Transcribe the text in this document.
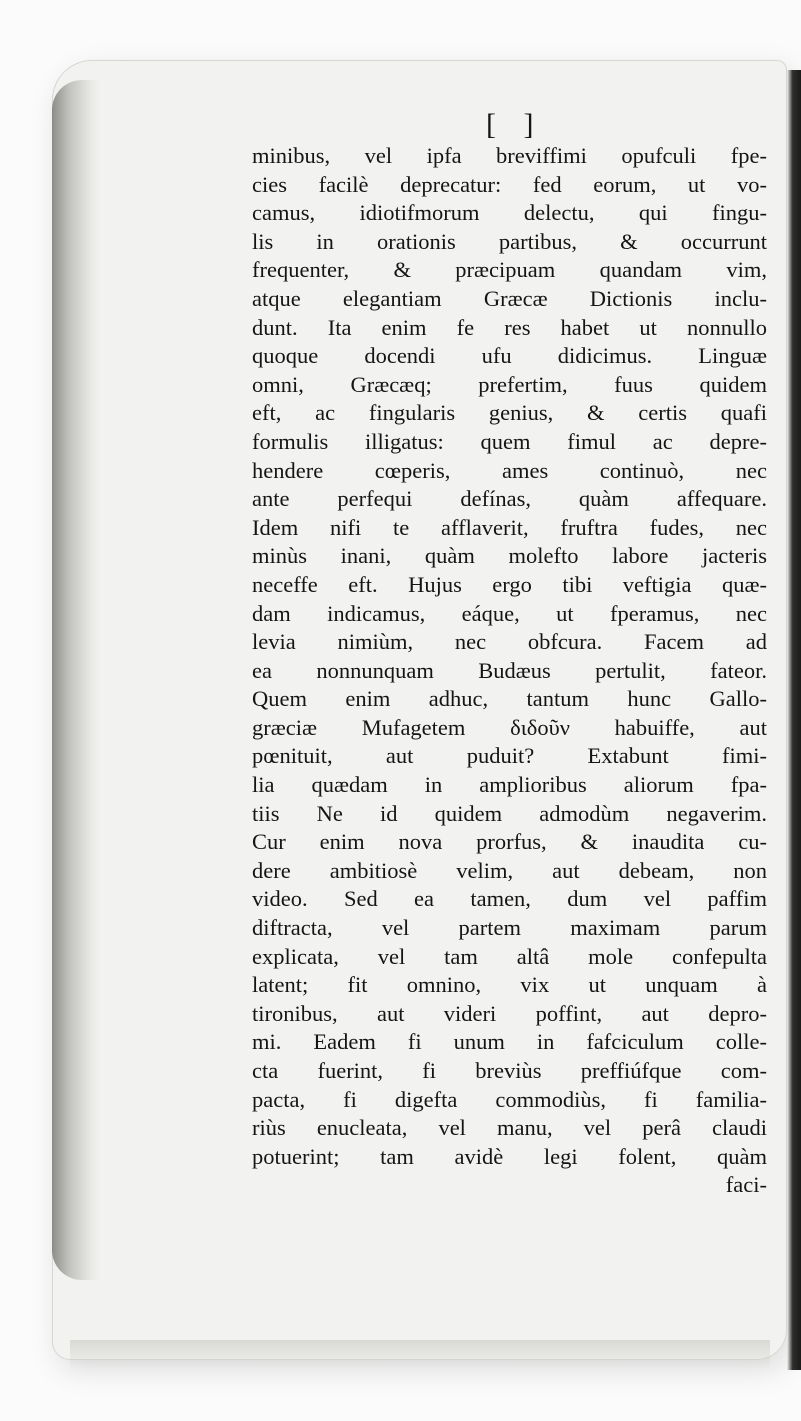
[ ]
minibus, vel ipfa breviffimi opufculi fpe-
cies facilè deprecatur: fed eorum, ut vo-
camus, idiotifmorum delectu, qui fingu-
lis in orationis partibus, & occurrunt
frequenter, & præcipuam quandam vim,
atque elegantiam Græcæ Dictionis inclu-
dunt. Ita enim fe res habet ut nonnullo
quoque docendi ufu didicimus. Linguæ
omni, Græcæq; prefertim, fuus quidem
eft, ac fingularis genius, & certis quafi
formulis illigatus: quem fimul ac depre-
hendere cœperis, ames continuò, nec
ante perfequi defínas, quàm affequare.
Idem nifi te afflaverit, fruftra fudes, nec
minùs inani, quàm molefto labore jacteris
neceffe eft. Hujus ergo tibi veftigia quæ-
dam indicamus, eáque, ut fperamus, nec
levia nimiùm, nec obfcura. Facem ad
ea nonnunquam Budæus pertulit, fateor.
Quem enim adhuc, tantum hunc Gallo-
græciæ Mufagetem διδοῦν habuiffe, aut
pœnituit, aut puduit? Extabunt fimi-
lia quædam in amplioribus aliorum fpa-
tiis Ne id quidem admodùm negaverim.
Cur enim nova prorfus, & inaudita cu-
dere ambitiosè velim, aut debeam, non
video. Sed ea tamen, dum vel paffim
diftracta, vel partem maximam parum
explicata, vel tam altâ mole confepulta
latent; fit omnino, vix ut unquam à
tironibus, aut videri poffint, aut depro-
mi. Eadem fi unum in fafciculum colle-
cta fuerint, fi breviùs preffiúfque com-
pacta, fi digefta commodiùs, fi familia-
riùs enucleata, vel manu, vel perâ claudi
potuerint; tam avidè legi folent, quàm
faci-
